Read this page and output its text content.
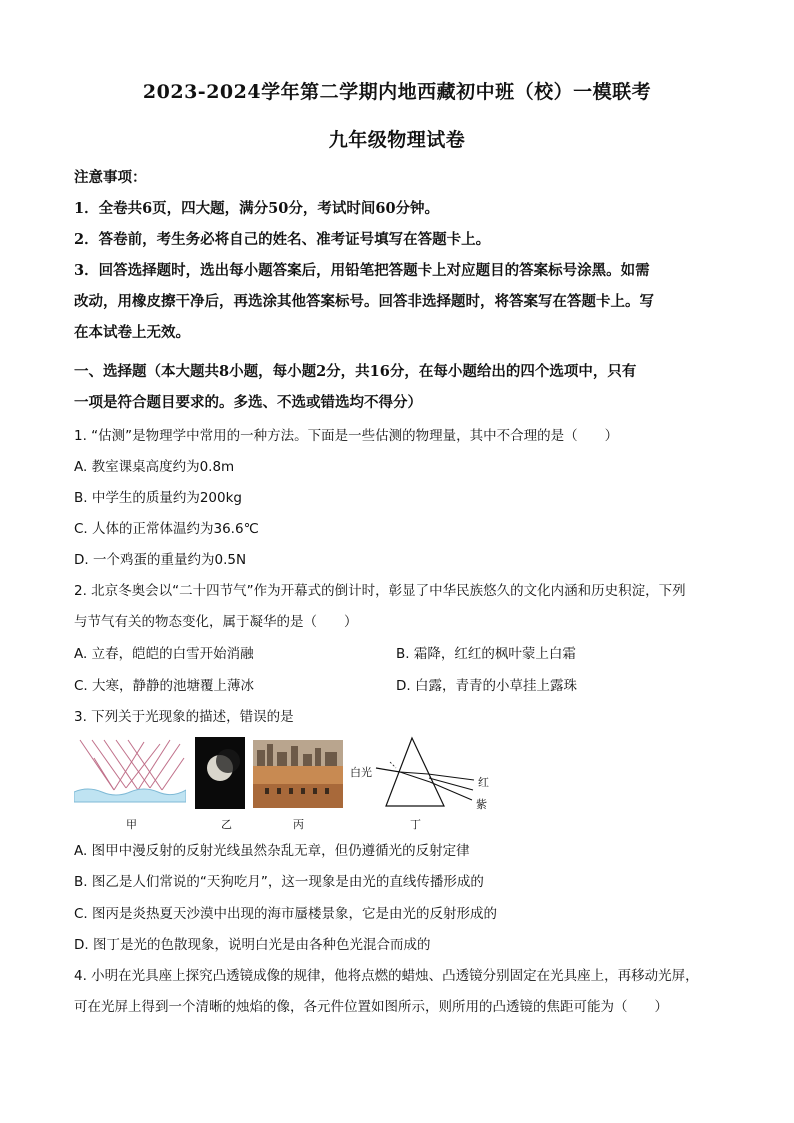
2023-2024学年第二学期内地西藏初中班（校）一模联考
九年级物理试卷
注意事项：
1．全卷共6页，四大题，满分50分，考试时间60分钟。
2．答卷前，考生务必将自己的姓名、准考证号填写在答题卡上。
3．回答选择题时，选出每小题答案后，用铅笔把答题卡上对应题目的答案标号涂黑。如需
改动，用橡皮擦干净后，再选涂其他答案标号。回答非选择题时，将答案写在答题卡上。写
在本试卷上无效。
一、选择题（本大题共8小题，每小题2分，共16分，在每小题给出的四个选项中，只有
一项是符合题目要求的。多选、不选或错选均不得分）
1. “估测”是物理学中常用的一种方法。下面是一些估测的物理量，其中不合理的是（　　）
A. 教室课桌高度约为0.8m
B. 中学生的质量约为200kg
C. 人体的正常体温约为36.6℃
D. 一个鸡蛋的重量约为0.5N
2. 北京冬奥会以“二十四节气”作为开幕式的倒计时，彰显了中华民族悠久的文化内涵和历史积淀，下列
与节气有关的物态变化，属于凝华的是（　　）
A. 立春，皑皑的白雪开始消融	B. 霜降，红红的枫叶蒙上白霜
C. 大寒，静静的池塘覆上薄冰	D. 白露，青青的小草挂上露珠
3. 下列关于光现象的描述，错误的是
甲	乙	丙
白光
红
紫
丁
A. 图甲中漫反射的反射光线虽然杂乱无章，但仍遵循光的反射定律
B. 图乙是人们常说的“天狗吃月”，这一现象是由光的直线传播形成的
C. 图丙是炎热夏天沙漠中出现的海市蜃楼景象，它是由光的反射形成的
D. 图丁是光的色散现象，说明白光是由各种色光混合而成的
4. 小明在光具座上探究凸透镜成像的规律，他将点燃的蜡烛、凸透镜分别固定在光具座上，再移动光屏，
可在光屏上得到一个清晰的烛焰的像，各元件位置如图所示，则所用的凸透镜的焦距可能为（　　）
